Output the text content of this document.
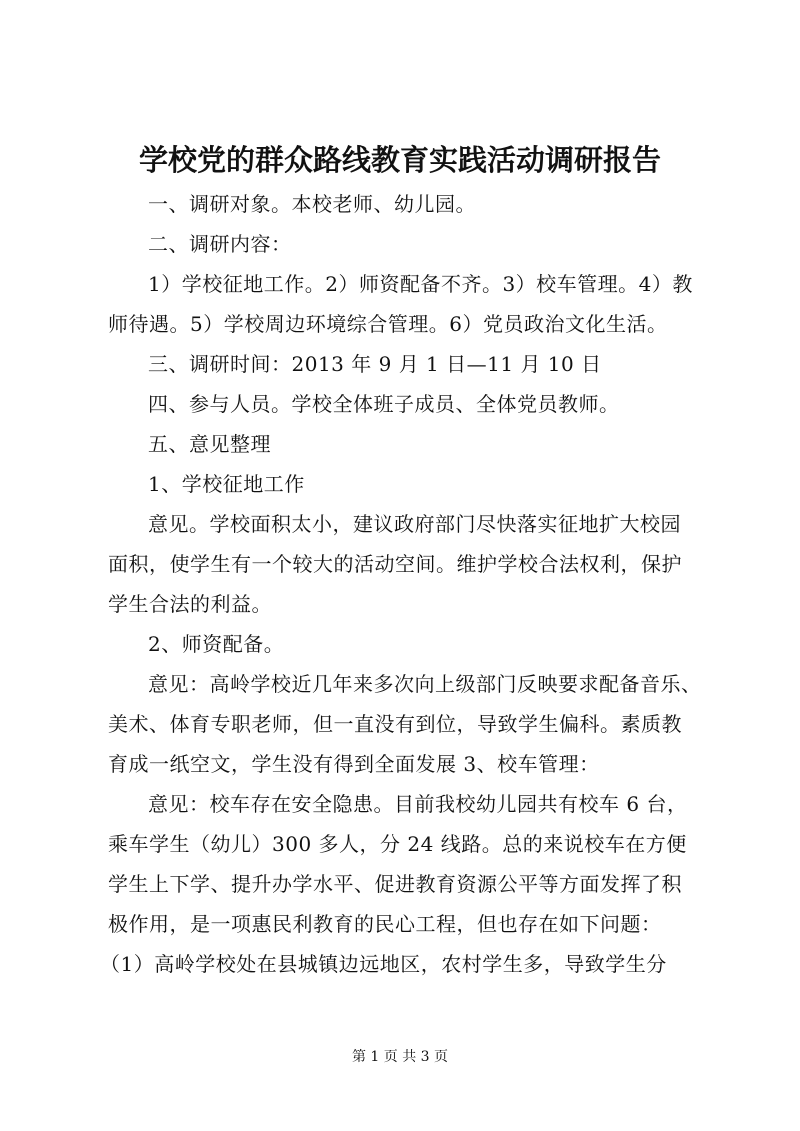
学校党的群众路线教育实践活动调研报告
一、调研对象。本校老师、幼儿园。
二、调研内容：
1）学校征地工作。2）师资配备不齐。3）校车管理。4）教
师待遇。5）学校周边环境综合管理。6）党员政治文化生活。
三、调研时间：2013 年 9 月 1 日—11 月 10 日
四、参与人员。学校全体班子成员、全体党员教师。
五、意见整理
1、学校征地工作
意见。学校面积太小，建议政府部门尽快落实征地扩大校园
面积，使学生有一个较大的活动空间。维护学校合法权利，保护
学生合法的利益。
2、师资配备。
意见：高岭学校近几年来多次向上级部门反映要求配备音乐、
美术、体育专职老师，但一直没有到位，导致学生偏科。素质教
育成一纸空文，学生没有得到全面发展 3、校车管理：
意见：校车存在安全隐患。目前我校幼儿园共有校车 6 台，
乘车学生（幼儿）300 多人，分 24 线路。总的来说校车在方便
学生上下学、提升办学水平、促进教育资源公平等方面发挥了积
极作用，是一项惠民利教育的民心工程，但也存在如下问题：
（1）高岭学校处在县城镇边远地区，农村学生多，导致学生分
第 1 页 共 3 页
